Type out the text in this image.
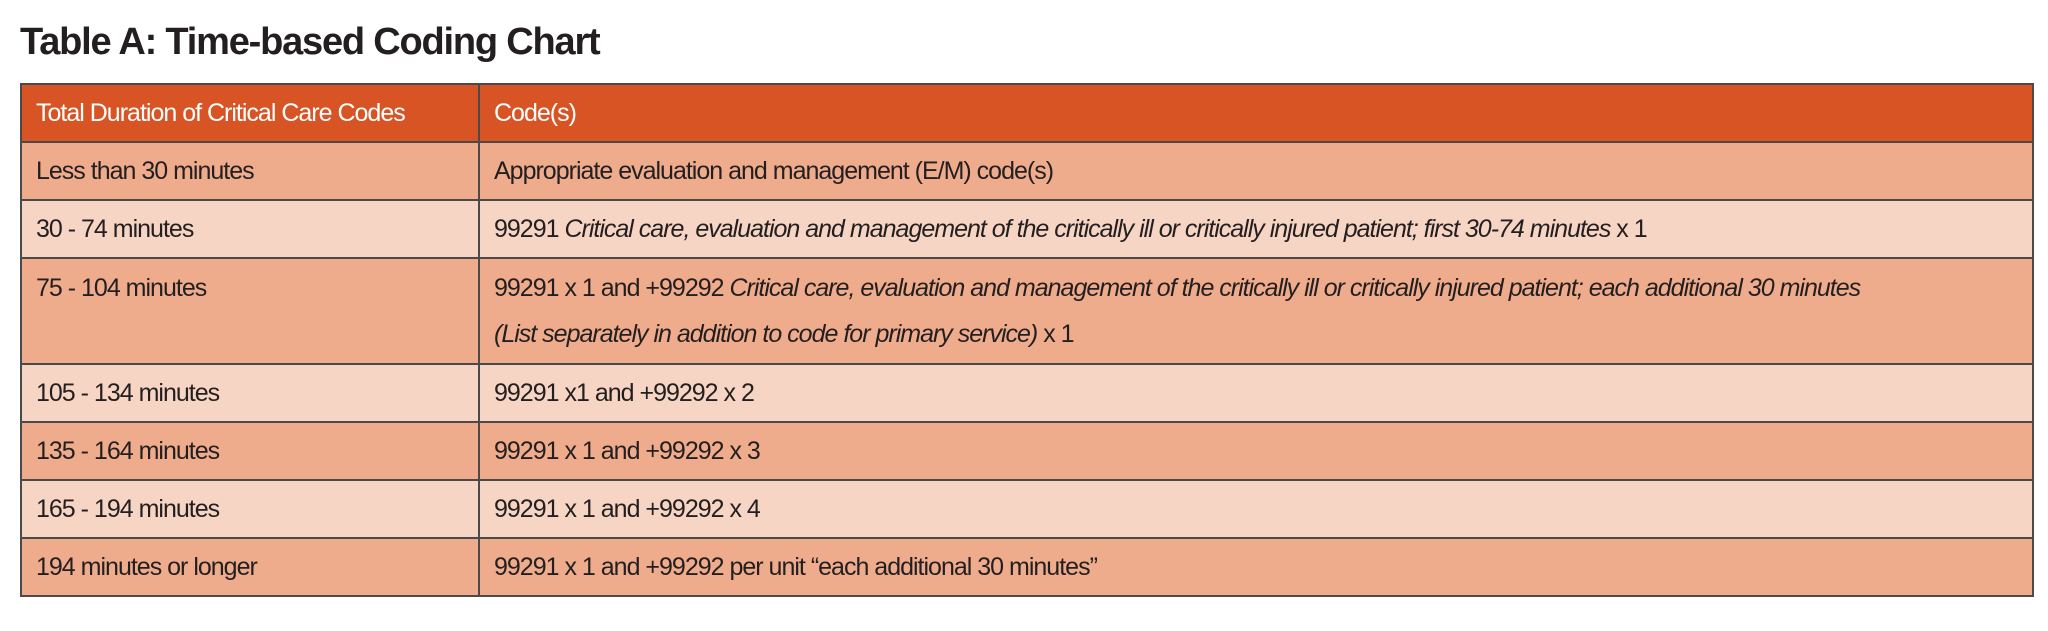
Table A: Time-based Coding Chart
Total Duration of Critical Care Codes	Code(s)
Less than 30 minutes	Appropriate evaluation and management (E/M) code(s)
30 - 74 minutes	99291 Critical care, evaluation and management of the critically ill or critically injured patient; first 30-74 minutes x 1
75 - 104 minutes	99291 x 1 and +99292 Critical care, evaluation and management of the critically ill or critically injured patient; each additional 30 minutes
(List separately in addition to code for primary service) x 1

105 - 134 minutes	99291 x1 and +99292 x 2
135 - 164 minutes	99291 x 1 and +99292 x 3
165 - 194 minutes	99291 x 1 and +99292 x 4
194 minutes or longer	99291 x 1 and +99292 per unit “each additional 30 minutes”
